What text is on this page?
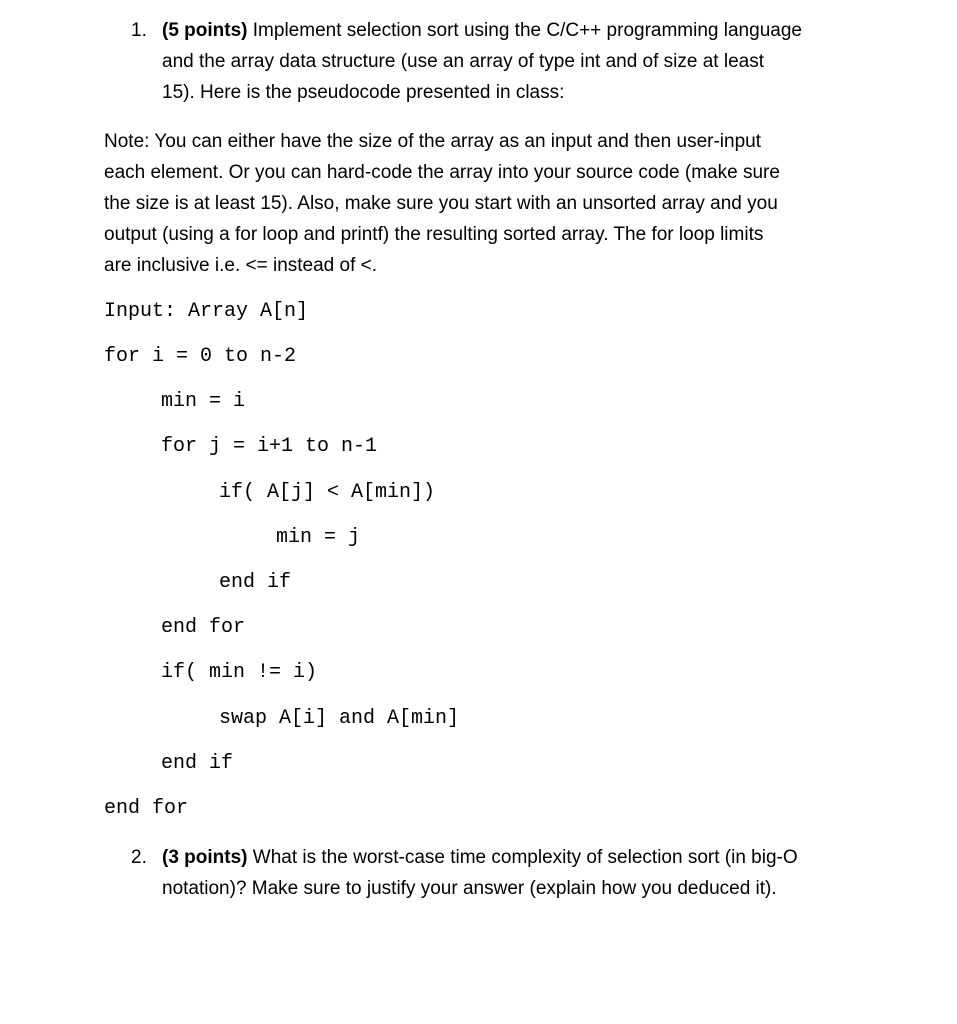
1. (5 points) Implement selection sort using the C/C++ programming language
and the array data structure (use an array of type int and of size at least
15). Here is the pseudocode presented in class:
Note: You can either have the size of the array as an input and then user-input
each element. Or you can hard-code the array into your source code (make sure
the size is at least 15). Also, make sure you start with an unsorted array and you
output (using a for loop and printf) the resulting sorted array. The for loop limits
are inclusive i.e. <= instead of <.
Input: Array A[n]
for i = 0 to n-2
min = i
for j = i+1 to n-1
if( A[j] < A[min])
min = j
end if
end for
if( min != i)
swap A[i] and A[min]
end if
end for
2. (3 points) What is the worst-case time complexity of selection sort (in big-O
notation)? Make sure to justify your answer (explain how you deduced it).
